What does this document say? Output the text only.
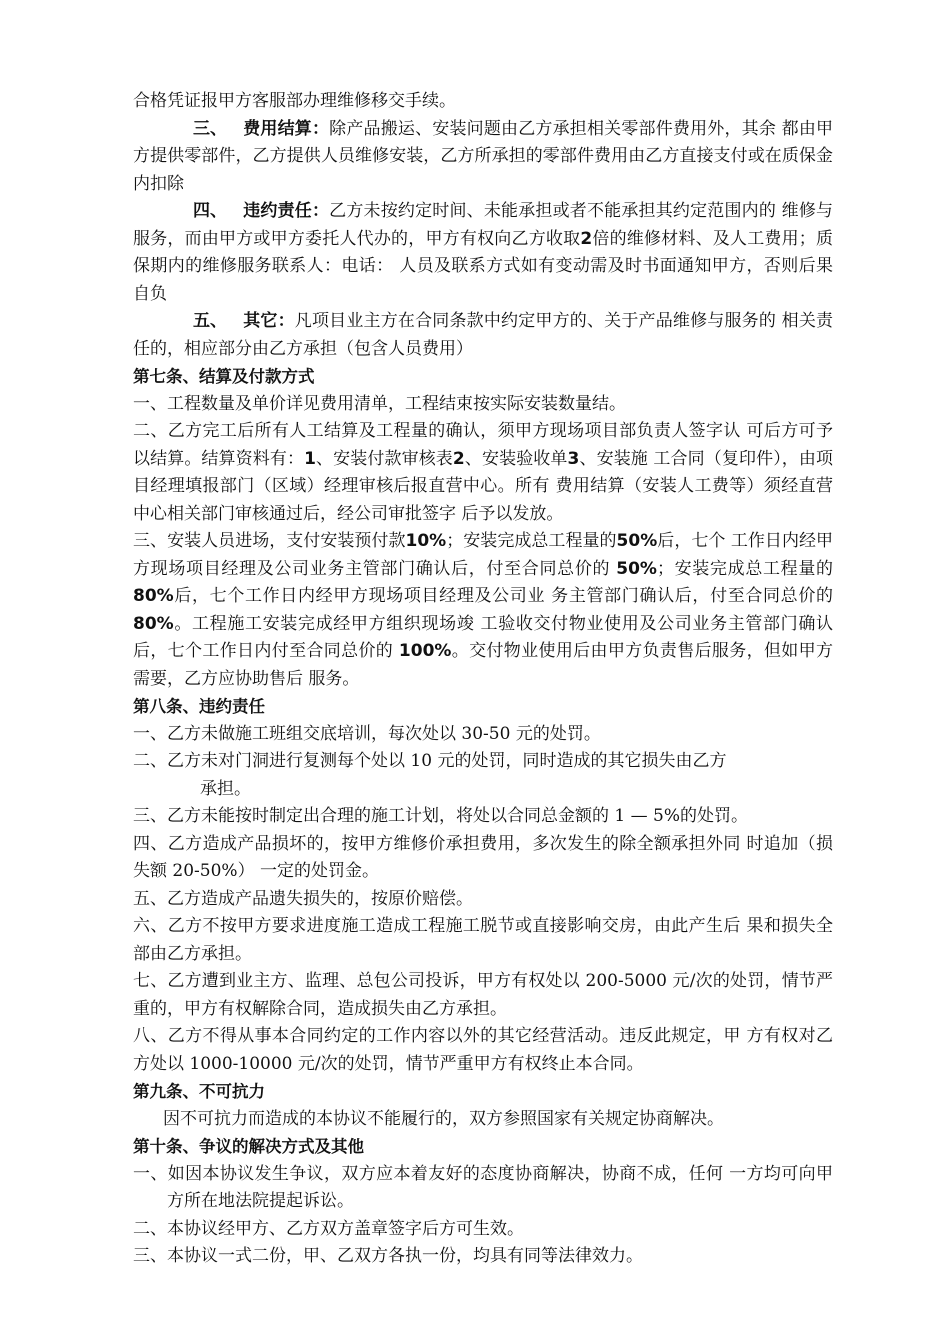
合格凭证报甲方客服部办理维修移交手续。

三、 费用结算：除产品搬运、安装问题由乙方承担相关零部件费用外，其余 都由甲方提供零部件，乙方提供人员维修安装，乙方所承担的零部件费用由乙方直接支付或在质保金内扣除

四、 违约责任：乙方未按约定时间、未能承担或者不能承担其约定范围内的 维修与服务，而由甲方或甲方委托人代办的，甲方有权向乙方收取2倍的维修材料、及人工费用；质保期内的维修服务联系人：电话： 人员及联系方式如有变动需及时书面通知甲方，否则后果自负

五、 其它：凡项目业主方在合同条款中约定甲方的、关于产品维修与服务的 相关责任的，相应部分由乙方承担（包含人员费用）

第七条、结算及付款方式

一、工程数量及单价详见费用清单，工程结束按实际安装数量结。

二、乙方完工后所有人工结算及工程量的确认，须甲方现场项目部负责人签字认 可后方可予以结算。结算资料有：1、安装付款审核表2、安装验收单3、安装施 工合同（复印件），由项目经理填报部门（区域）经理审核后报直营中心。所有 费用结算（安装人工费等）须经直营中心相关部门审核通过后，经公司审批签字 后予以发放。

三、安装人员进场，支付安装预付款10%；安装完成总工程量的50%后，七个 工作日内经甲方现场项目经理及公司业务主管部门确认后，付至合同总价的 50%；安装完成总工程量的80%后，七个工作日内经甲方现场项目经理及公司业 务主管部门确认后，付至合同总价的80%。工程施工安装完成经甲方组织现场竣 工验收交付物业使用及公司业务主管部门确认后，七个工作日内付至合同总价的 100%。交付物业使用后由甲方负责售后服务，但如甲方需要，乙方应协助售后 服务。

第八条、违约责任

一、乙方未做施工班组交底培训，每次处以 30-50 元的处罚。

二、乙方未对门洞进行复测每个处以 10 元的处罚，同时造成的其它损失由乙方

承担。

三、乙方未能按时制定出合理的施工计划，将处以合同总金额的 1 — 5%的处罚。

四、乙方造成产品损坏的，按甲方维修价承担费用，多次发生的除全额承担外同 时追加（损失额 20-50%） 一定的处罚金。

五、乙方造成产品遗失损失的，按原价赔偿。

六、乙方不按甲方要求进度施工造成工程施工脱节或直接影响交房，由此产生后 果和损失全部由乙方承担。

七、乙方遭到业主方、监理、总包公司投诉，甲方有权处以 200-5000 元/次的处罚，情节严重的，甲方有权解除合同，造成损失由乙方承担。

八、乙方不得从事本合同约定的工作内容以外的其它经营活动。违反此规定，甲 方有权对乙方处以 1000-10000 元/次的处罚，情节严重甲方有权终止本合同。

第九条、不可抗力

因不可抗力而造成的本协议不能履行的，双方参照国家有关规定协商解决。

第十条、争议的解决方式及其他

一、如因本协议发生争议，双方应本着友好的态度协商解决，协商不成，任何 一方均可向甲方所在地法院提起诉讼。

二、本协议经甲方、乙方双方盖章签字后方可生效。

三、本协议一式二份，甲、乙双方各执一份，均具有同等法律效力。
